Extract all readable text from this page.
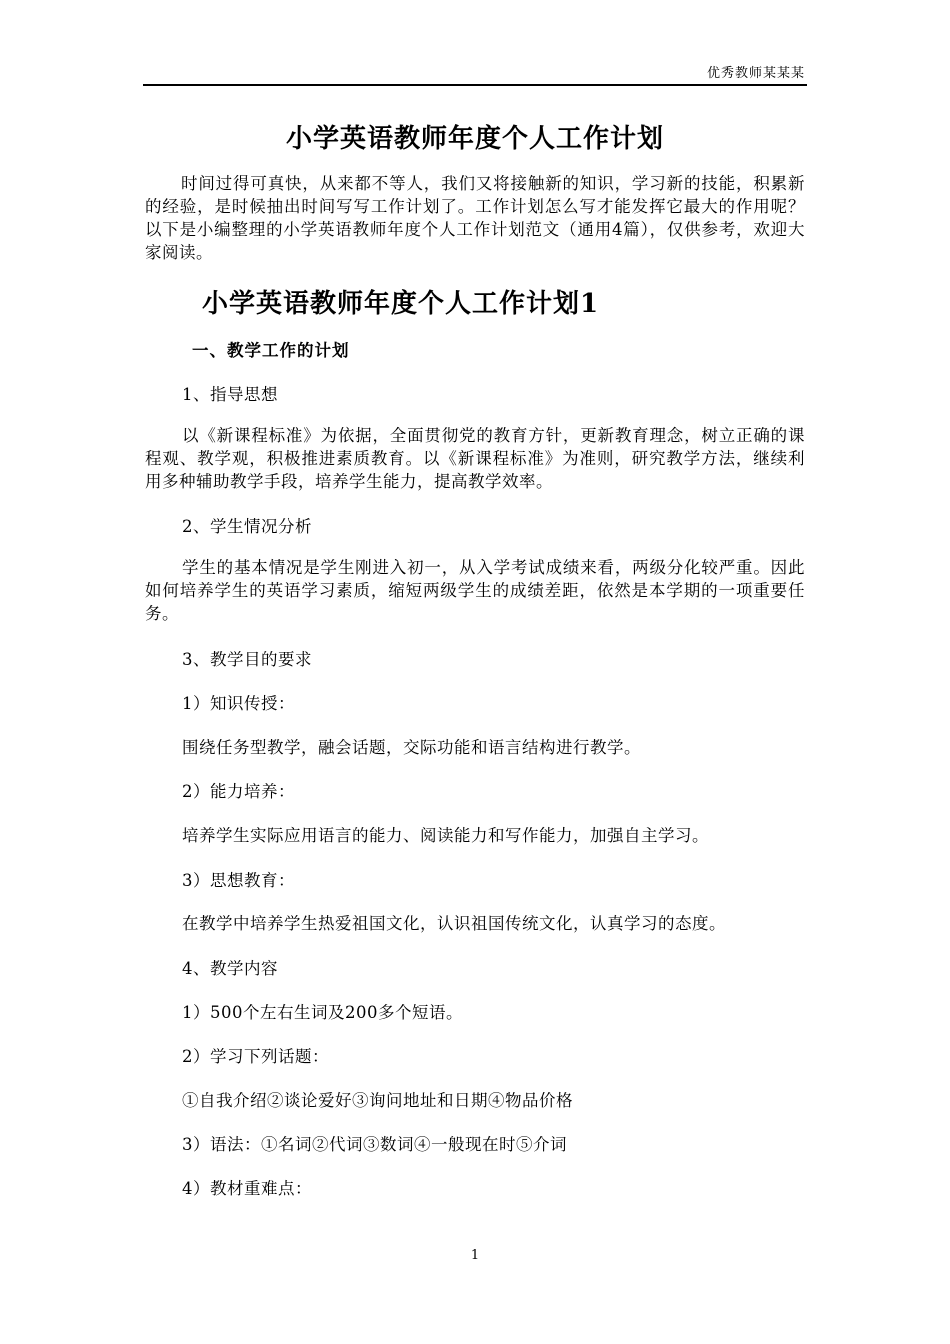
优秀教师某某某
小学英语教师年度个人工作计划

时间过得可真快，从来都不等人，我们又将接触新的知识，学习新的技能，积累新的经验，是时候抽出时间写写工作计划了。工作计划怎么写才能发挥它最大的作用呢？以下是小编整理的小学英语教师年度个人工作计划范文（通用4篇），仅供参考，欢迎大家阅读。

小学英语教师年度个人工作计划1
一、教学工作的计划
1、指导思想

以《新课程标准》为依据，全面贯彻党的教育方针，更新教育理念，树立正确的课程观、教学观，积极推进素质教育。以《新课程标准》为准则，研究教学方法，继续利用多种辅助教学手段，培养学生能力，提高教学效率。

2、学生情况分析

学生的基本情况是学生刚进入初一，从入学考试成绩来看，两级分化较严重。因此如何培养学生的英语学习素质，缩短两级学生的成绩差距，依然是本学期的一项重要任务。

3、教学目的要求
1）知识传授：
围绕任务型教学，融会话题，交际功能和语言结构进行教学。
2）能力培养：
培养学生实际应用语言的能力、阅读能力和写作能力，加强自主学习。
3）思想教育：
在教学中培养学生热爱祖国文化，认识祖国传统文化，认真学习的态度。
4、教学内容
1）500个左右生词及200多个短语。
2）学习下列话题：
①自我介绍②谈论爱好③询问地址和日期④物品价格
3）语法：①名词②代词③数词④一般现在时⑤介词
4）教材重难点：
1
